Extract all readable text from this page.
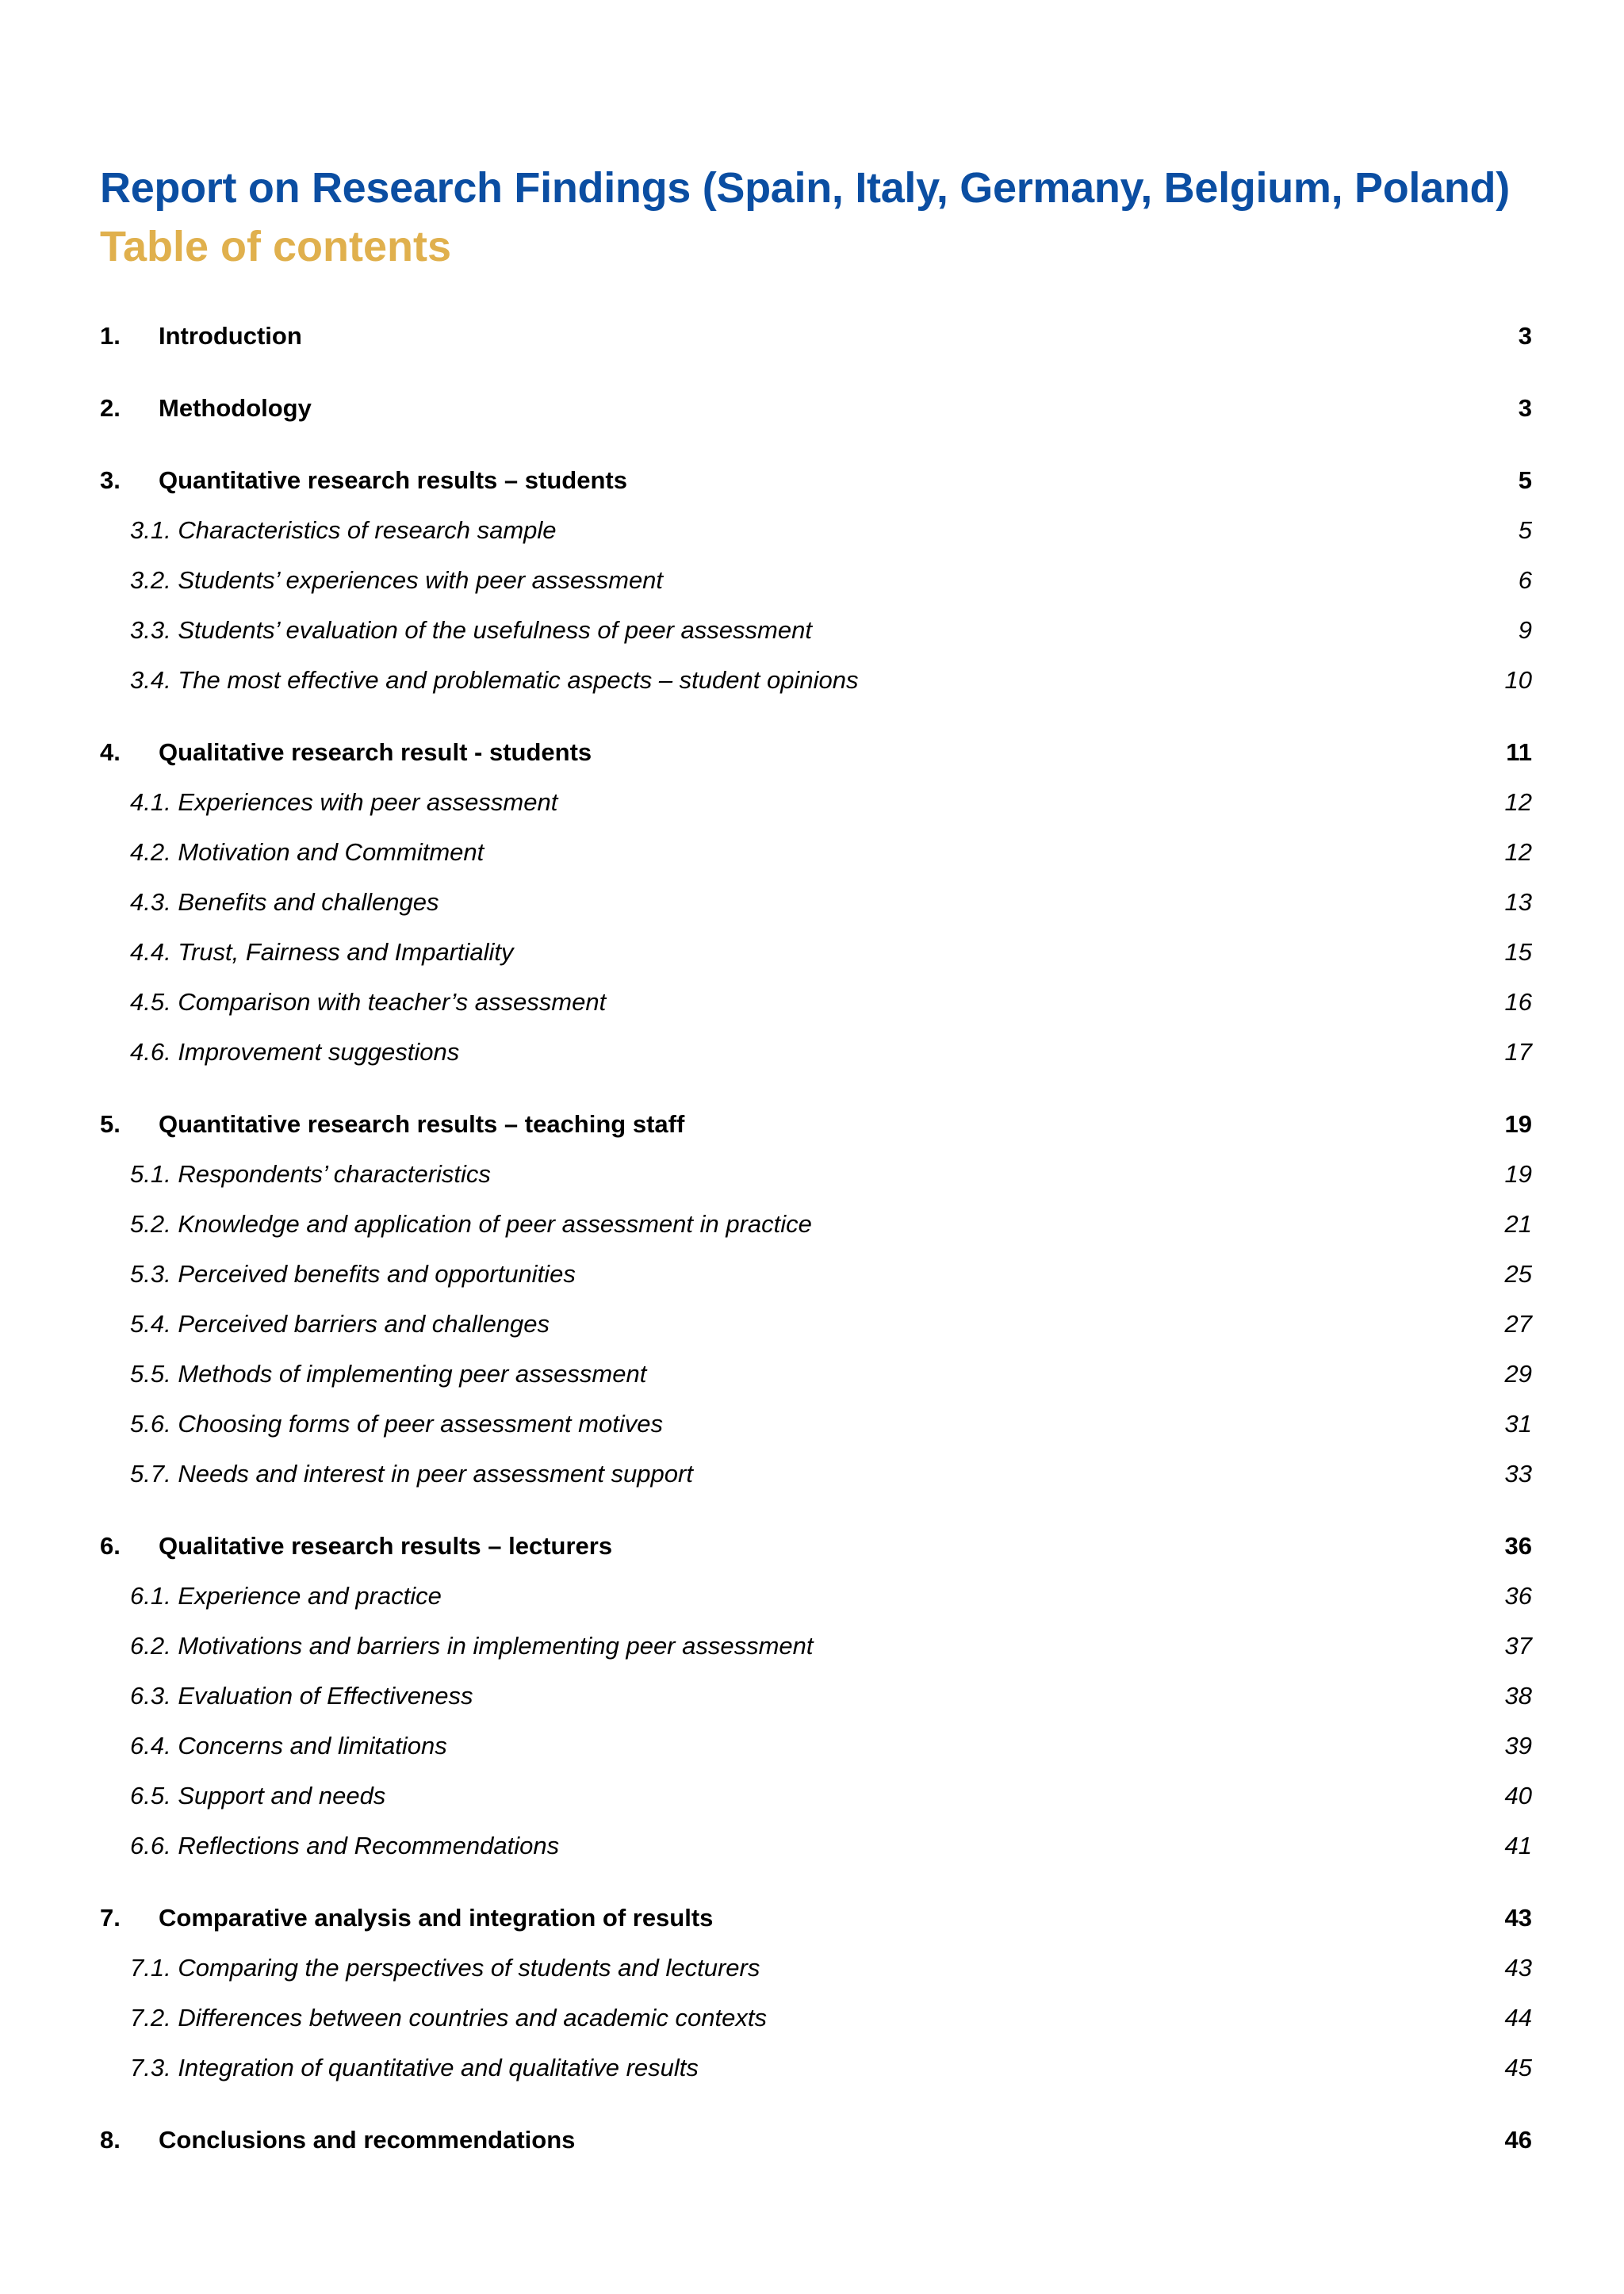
Report on Research Findings (Spain, Italy, Germany, Belgium, Poland)
Table of contents
1. Introduction	3
2. Methodology	3
3. Quantitative research results – students	5
3.1. Characteristics of research sample	5
3.2. Students’ experiences with peer assessment	6
3.3. Students’ evaluation of the usefulness of peer assessment	9
3.4. The most effective and problematic aspects – student opinions	10
4. Qualitative research result - students	11
4.1. Experiences with peer assessment	12
4.2. Motivation and Commitment	12
4.3. Benefits and challenges	13
4.4. Trust, Fairness and Impartiality	15
4.5. Comparison with teacher’s assessment	16
4.6. Improvement suggestions	17
5. Quantitative research results – teaching staff	19
5.1. Respondents’ characteristics	19
5.2. Knowledge and application of peer assessment in practice	21
5.3. Perceived benefits and opportunities	25
5.4. Perceived barriers and challenges	27
5.5. Methods of implementing peer assessment	29
5.6. Choosing forms of peer assessment motives	31
5.7. Needs and interest in peer assessment support	33
6. Qualitative research results – lecturers	36
6.1. Experience and practice	36
6.2. Motivations and barriers in implementing peer assessment	37
6.3. Evaluation of Effectiveness	38
6.4. Concerns and limitations	39
6.5. Support and needs	40
6.6. Reflections and Recommendations	41
7. Comparative analysis and integration of results	43
7.1. Comparing the perspectives of students and lecturers	43
7.2. Differences between countries and academic contexts	44
7.3. Integration of quantitative and qualitative results	45
8. Conclusions and recommendations	46
